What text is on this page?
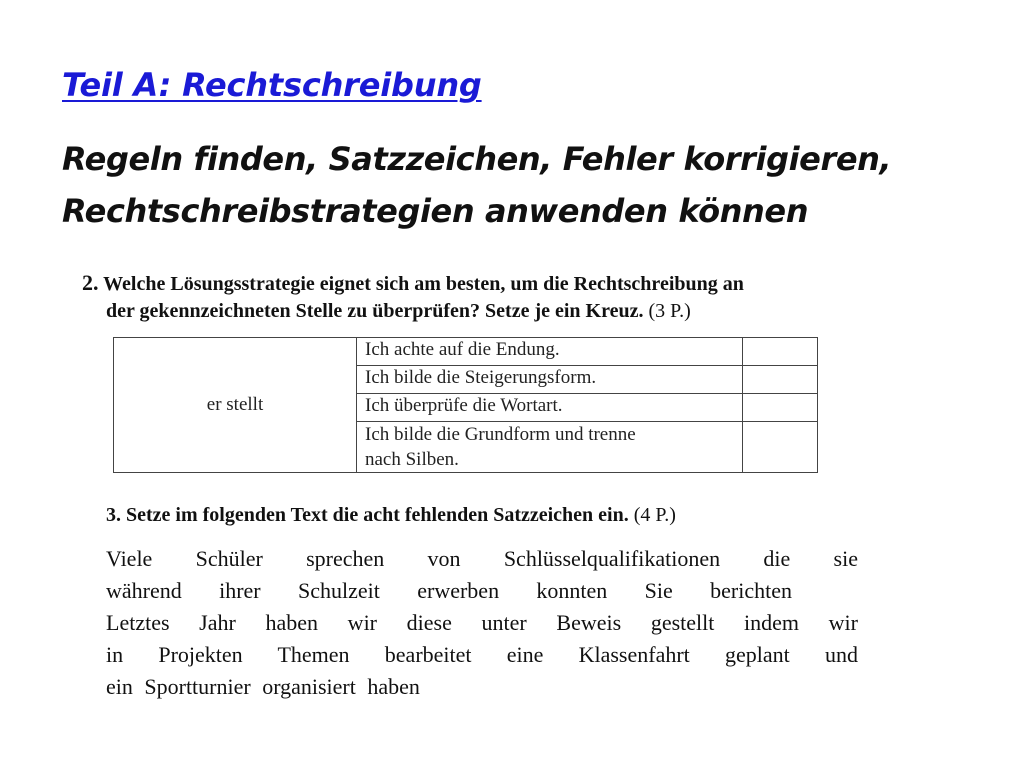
Teil A: Rechtschreibung
Regeln finden, Satzzeichen, Fehler korrigieren,
Rechtschreibstrategien anwenden können
2. Welche Lösungsstrategie eignet sich am besten, um die Rechtschreibung an
der gekennzeichneten Stelle zu überprüfen? Setze je ein Kreuz. (3 P.)
er stellt	Ich achte auf die Endung.	
	Ich bilde die Steigerungsform.	
	Ich überprüfe die Wortart.	

	Ich bilde die Grundform und trenne
nach Silben.	

3. Setze im folgenden Text die acht fehlenden Satzzeichen ein. (4 P.)
Viele Schüler sprechen von Schlüsselqualifikationen die sie
während ihrer Schulzeit erwerben konnten Sie berichten
Letztes Jahr haben wir diese unter Beweis gestellt indem wir
in Projekten Themen bearbeitet eine Klassenfahrt geplant und
ein Sportturnier organisiert haben
